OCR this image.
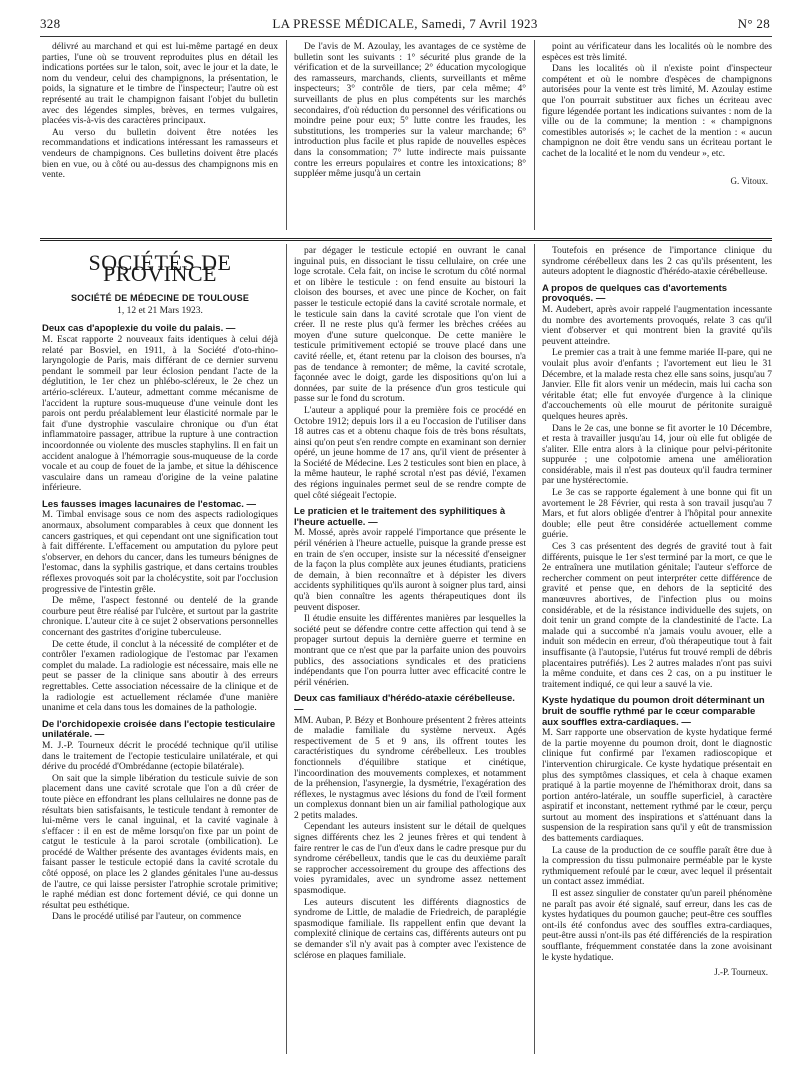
328	LA PRESSE MÉDICALE, Samedi, 7 Avril 1923	N° 28

délivré au marchand et qui est lui-même partagé en deux parties, l'une où se trouvent reproduites plus en détail les indications portées sur le talon, soit, avec le jour et la date, le nom du vendeur, celui des champignons, la présentation, le poids, la signature et le timbre de l'inspecteur; l'autre où est représenté au trait le champignon faisant l'objet du bulletin avec des légendes simples, brèves, en termes vulgaires, placées vis-à-vis des caractères principaux.

Au verso du bulletin doivent être notées les recommandations et indications intéressant les ramasseurs et vendeurs de champignons. Ces bulletins doivent être placés bien en vue, ou à côté ou au-dessus des champignons mis en vente.

De l'avis de M. Azoulay, les avantages de ce système de bulletin sont les suivants : 1° sécurité plus grande de la vérification et de la surveillance; 2° éducation mycologique des ramasseurs, marchands, clients, surveillants et même inspecteurs; 3° contrôle de tiers, par cela même; 4° surveillants de plus en plus compétents sur les marchés secondaires, d'où réduction du personnel des vérifications ou moindre peine pour eux; 5° lutte contre les fraudes, les substitutions, les tromperies sur la valeur marchande; 6° introduction plus facile et plus rapide de nouvelles espèces dans la consommation; 7° lutte indirecte mais puissante contre les erreurs populaires et contre les intoxications; 8° suppléer même jusqu'à un certain

point au vérificateur dans les localités où le nombre des espèces est très limité.

Dans les localités où il n'existe point d'inspecteur compétent et où le nombre d'espèces de champignons autorisées pour la vente est très limité, M. Azoulay estime que l'on pourrait substituer aux fiches un écriteau avec figure légendée portant les indications suivantes : nom de la ville ou de la commune; la mention : « champignons comestibles autorisés »; le cachet de la mention : « aucun champignon ne doit être vendu sans un écriteau portant le cachet de la localité et le nom du vendeur », etc.

G. Vitoux.
SOCIÉTÉS DE PROVINCE
SOCIÉTÉ DE MÉDECINE DE TOULOUSE
1, 12 et 21 Mars 1923.
Deux cas d'apoplexie du voile du palais. —

M. Escat rapporte 2 nouveaux faits identiques à celui déjà relaté par Bosviel, en 1911, à la Société d'oto-rhino-laryngologie de Paris, mais différant de ce dernier survenu pendant le sommeil par leur éclosion pendant l'acte de la déglutition, le 1er chez un phlébo-scléreux, le 2e chez un artério-scléreux. L'auteur, admettant comme mécanisme de l'accident la rupture sous-muqueuse d'une veinule dont les parois ont perdu préalablement leur élasticité normale par le fait d'une dystrophie vasculaire chronique ou d'un état inflammatoire passager, attribue la rupture à une contraction incoordonnée ou violente des muscles staphylins. Il en fait un accident analogue à l'hémorragie sous-muqueuse de la corde vocale et au coup de fouet de la jambe, et situe la déhiscence vasculaire dans un rameau d'origine de la veine palatine inférieure.

Les fausses images lacunaires de l'estomac. —

M. Timbal envisage sous ce nom des aspects radiologiques anormaux, absolument comparables à ceux que donnent les cancers gastriques, et qui cependant ont une signification tout à fait différente. L'effacement ou amputation du pylore peut s'observer, en dehors du cancer, dans les tumeurs bénignes de l'estomac, dans la syphilis gastrique, et dans certains troubles réflexes provoqués soit par la cholécystite, soit par l'occlusion progressive de l'intestin grêle.

De même, l'aspect festonné ou dentelé de la grande courbure peut être réalisé par l'ulcère, et surtout par la gastrite chronique. L'auteur cite à ce sujet 2 observations personnelles concernant des gastrites d'origine tuberculeuse.

De cette étude, il conclut à la nécessité de compléter et de contrôler l'examen radiologique de l'estomac par l'examen complet du malade. La radiologie est nécessaire, mais elle ne peut se passer de la clinique sans aboutir à des erreurs regrettables. Cette association nécessaire de la clinique et de la radiologie est actuellement réclamée d'une manière unanime et cela dans tous les domaines de la pathologie.

De l'orchidopexie croisée dans l'ectopie testiculaire unilatérale. —

M. J.-P. Tourneux décrit le procédé technique qu'il utilise dans le traitement de l'ectopie testiculaire unilatérale, et qui dérive du procédé d'Ombrédanne (ectopie bilatérale).

On sait que la simple libération du testicule suivie de son placement dans une cavité scrotale que l'on a dû créer de toute pièce en effondrant les plans cellulaires ne donne pas de résultats bien satisfaisants, le testicule tendant à remonter de lui-même vers le canal inguinal, et la cavité vaginale à s'effacer : il en est de même lorsqu'on fixe par un point de catgut le testicule à la paroi scrotale (ombilication). Le procédé de Walther présente des avantages évidents mais, en faisant passer le testicule ectopié dans la cavité scrotale du côté opposé, on place les 2 glandes génitales l'une au-dessus de l'autre, ce qui laisse persister l'atrophie scrotale primitive; le raphé médian est donc fortement dévié, ce qui donne un résultat peu esthétique.

Dans le procédé utilisé par l'auteur, on commence

par dégager le testicule ectopié en ouvrant le canal inguinal puis, en dissociant le tissu cellulaire, on crée une loge scrotale. Cela fait, on incise le scrotum du côté normal et on libère le testicule : on fend ensuite au bistouri la cloison des bourses, et avec une pince de Kocher, on fait passer le testicule ectopié dans la cavité scrotale normale, et le testicule sain dans la cavité scrotale que l'on vient de créer. Il ne reste plus qu'à fermer les brèches créées au moyen d'une suture quelconque. De cette manière le testicule primitivement ectopié se trouve placé dans une cavité réelle, et, étant retenu par la cloison des bourses, n'a pas de tendance à remonter; de même, la cavité scrotale, façonnée avec le doigt, garde les dispositions qu'on lui a données, par suite de la présence d'un gros testicule qui passe sur le fond du scrotum.

L'auteur a appliqué pour la première fois ce procédé en Octobre 1912; depuis lors il a eu l'occasion de l'utiliser dans 18 autres cas et a obtenu chaque fois de très bons résultats, ainsi qu'on peut s'en rendre compte en examinant son dernier opéré, un jeune homme de 17 ans, qu'il vient de présenter à la Société de Médecine. Les 2 testicules sont bien en place, à la même hauteur, le raphé scrotal n'est pas dévié, l'examen des régions inguinales permet seul de se rendre compte de quel côté siégeait l'ectopie.

Le praticien et le traitement des syphilitiques à l'heure actuelle. —

M. Mossé, après avoir rappelé l'importance que présente le péril vénérien à l'heure actuelle, puisque la grande presse est en train de s'en occuper, insiste sur la nécessité d'enseigner de la façon la plus complète aux jeunes étudiants, praticiens de demain, à bien reconnaître et à dépister les divers accidents syphilitiques qu'ils auront à soigner plus tard, ainsi qu'à bien connaître les agents thérapeutiques dont ils peuvent disposer.

Il étudie ensuite les différentes manières par lesquelles la société peut se défendre contre cette affection qui tend à se propager surtout depuis la dernière guerre et termine en montrant que ce n'est que par la parfaite union des pouvoirs publics, des associations syndicales et des praticiens indépendants que l'on pourra lutter avec efficacité contre le péril vénérien.

Deux cas familiaux d'hérédo-ataxie cérébelleuse. —

MM. Auban, P. Bézy et Bonhoure présentent 2 frères atteints de maladie familiale du système nerveux. Agés respectivement de 5 et 9 ans, ils offrent toutes les caractéristiques du syndrome cérébelleux. Les troubles fonctionnels d'équilibre statique et cinétique, l'incoordination des mouvements complexes, et notamment de la préhension, l'asynergie, la dysmétrie, l'exagération des réflexes, le nystagmus avec lésions du fond de l'œil forment un complexus donnant bien un air familial pathologique aux 2 petits malades.

Cependant les auteurs insistent sur le détail de quelques signes différents chez les 2 jeunes frères et qui tendent à faire rentrer le cas de l'un d'eux dans le cadre presque pur du syndrome cérébelleux, tandis que le cas du deuxième paraît se rapprocher accessoirement du groupe des affections des voies pyramidales, avec un syndrome assez nettement spasmodique.

Les auteurs discutent les différents diagnostics de syndrome de Little, de maladie de Friedreich, de paraplégie spasmodique familiale. Ils rappellent enfin que devant la complexité clinique de certains cas, différents auteurs ont pu se demander s'il n'y avait pas à compter avec l'existence de sclérose en plaques familiale.

Toutefois en présence de l'importance clinique du syndrome cérébelleux dans les 2 cas qu'ils présentent, les auteurs adoptent le diagnostic d'hérédo-ataxie cérébelleuse.

A propos de quelques cas d'avortements provoqués. —

M. Audebert, après avoir rappelé l'augmentation incessante du nombre des avortements provoqués, relate 3 cas qu'il vient d'observer et qui montrent bien la gravité qu'ils peuvent atteindre.

Le premier cas a trait à une femme mariée II-pare, qui ne voulait plus avoir d'enfants ; l'avortement eut lieu le 31 Décembre, et la malade resta chez elle sans soins, jusqu'au 7 Janvier. Elle fit alors venir un médecin, mais lui cacha son véritable état; elle fut envoyée d'urgence à la clinique d'accouchements où elle mourut de péritonite suraiguë quelques heures après.

Dans le 2e cas, une bonne se fit avorter le 10 Décembre, et resta à travailler jusqu'au 14, jour où elle fut obligée de s'aliter. Elle entra alors à la clinique pour pelvi-péritonite suppurée ; une colpotomie amena une amélioration considérable, mais il n'est pas douteux qu'il faudra terminer par une hystérectomie.

Le 3e cas se rapporte également à une bonne qui fit un avortement le 28 Février, qui resta à son travail jusqu'au 7 Mars, et fut alors obligée d'entrer à l'hôpital pour annexite double; elle peut être considérée actuellement comme guérie.

Ces 3 cas présentent des degrés de gravité tout à fait différents, puisque le 1er s'est terminé par la mort, ce que le 2e entraînera une mutilation génitale; l'auteur s'efforce de rechercher comment on peut interpréter cette différence de gravité et pense que, en dehors de la septicité des manœuvres abortives, de l'infection plus ou moins considérable, et de la résistance individuelle des sujets, on doit tenir un grand compte de la clandestinité de l'acte. La malade qui a succombé n'a jamais voulu avouer, elle a induit son médecin en erreur, d'où thérapeutique tout à fait insuffisante (à l'autopsie, l'utérus fut trouvé rempli de débris placentaires putréfiés). Les 2 autres malades n'ont pas suivi la même conduite, et dans ces 2 cas, on a pu instituer le traitement indiqué, ce qui leur a sauvé la vie.

Kyste hydatique du poumon droit déterminant un bruit de souffle rythmé par le cœur comparable aux souffles extra-cardiaques. —

M. Sarr rapporte une observation de kyste hydatique fermé de la partie moyenne du poumon droit, dont le diagnostic clinique fut confirmé par l'examen radioscopique et l'intervention chirurgicale. Ce kyste hydatique présentait en plus des symptômes classiques, et cela à chaque examen pratiqué à la partie moyenne de l'hémithorax droit, dans sa portion antéro-latérale, un souffle superficiel, à caractère aspiratif et inconstant, nettement rythmé par le cœur, perçu surtout au moment des inspirations et s'atténuant dans la suspension de la respiration sans qu'il y eût de transmission des battements cardiaques.

La cause de la production de ce souffle paraît être due à la compression du tissu pulmonaire perméable par le kyste rythmiquement refoulé par le cœur, avec lequel il présentait un contact assez immédiat.

Il est assez singulier de constater qu'un pareil phénomène ne paraît pas avoir été signalé, sauf erreur, dans les cas de kystes hydatiques du poumon gauche; peut-être ces souffles ont-ils été confondus avec des souffles extra-cardiaques, peut-être aussi n'ont-ils pas été différenciés de la respiration soufflante, fréquemment constatée dans la zone avoisinant le kyste hydatique.

J.-P. Tourneux.
